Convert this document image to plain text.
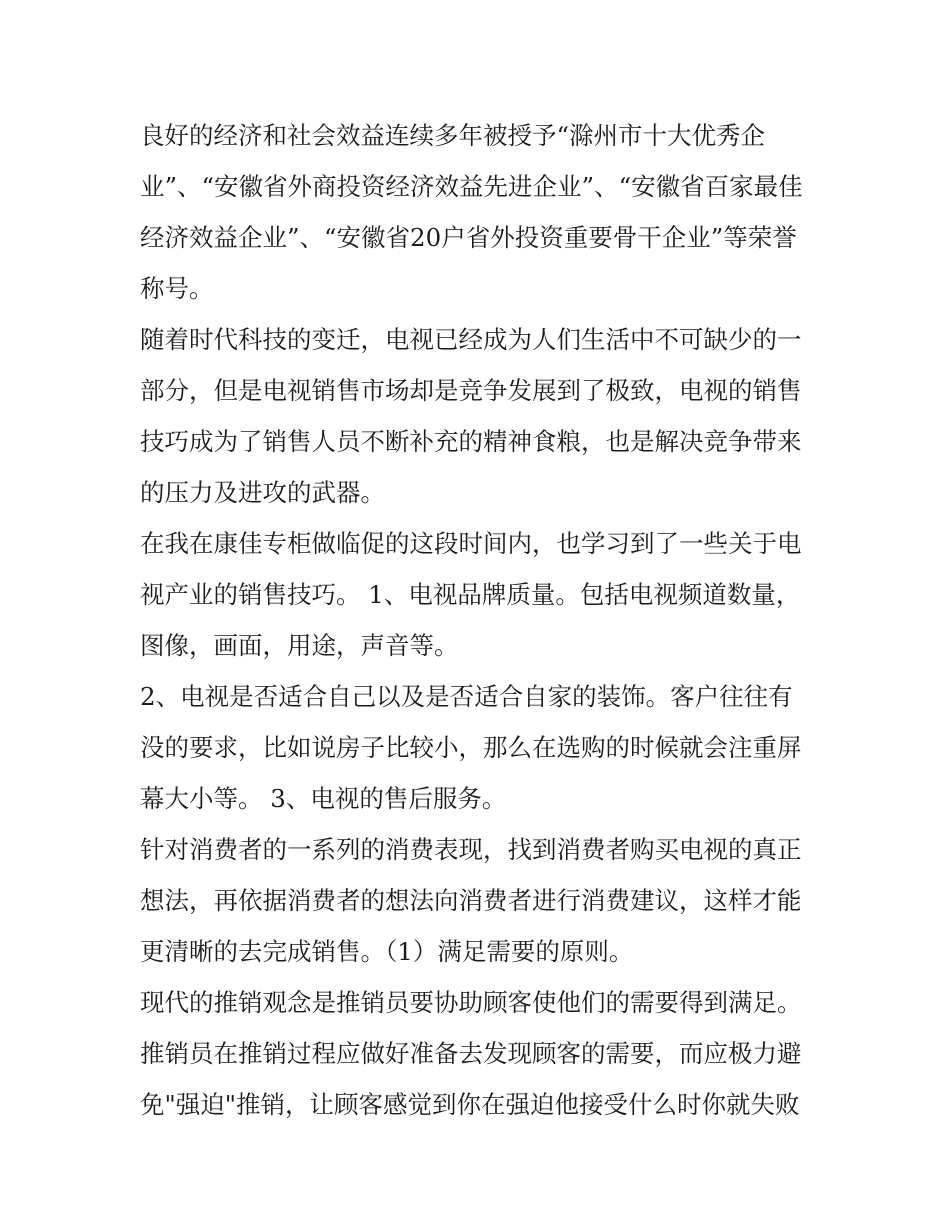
良好的经济和社会效益连续多年被授予“滁州市十大优秀企
业”、“安徽省外商投资经济效益先进企业”、“安徽省百家最佳
经济效益企业”、“安徽省20户省外投资重要骨干企业”等荣誉
称号。
随着时代科技的变迁，电视已经成为人们生活中不可缺少的一
部分，但是电视销售市场却是竞争发展到了极致，电视的销售
技巧成为了销售人员不断补充的精神食粮，也是解决竞争带来
的压力及进攻的武器。
在我在康佳专柜做临促的这段时间内，也学习到了一些关于电
视产业的销售技巧。 1、电视品牌质量。包括电视频道数量，
图像，画面，用途，声音等。
2、电视是否适合自己以及是否适合自家的装饰。客户往往有
没的要求，比如说房子比较小，那么在选购的时候就会注重屏
幕大小等。 3、电视的售后服务。
针对消费者的一系列的消费表现，找到消费者购买电视的真正
想法，再依据消费者的想法向消费者进行消费建议，这样才能
更清晰的去完成销售。（1）满足需要的原则。
现代的推销观念是推销员要协助顾客使他们的需要得到满足。
推销员在推销过程应做好准备去发现顾客的需要，而应极力避
免"强迫"推销，让顾客感觉到你在强迫他接受什么时你就失败
